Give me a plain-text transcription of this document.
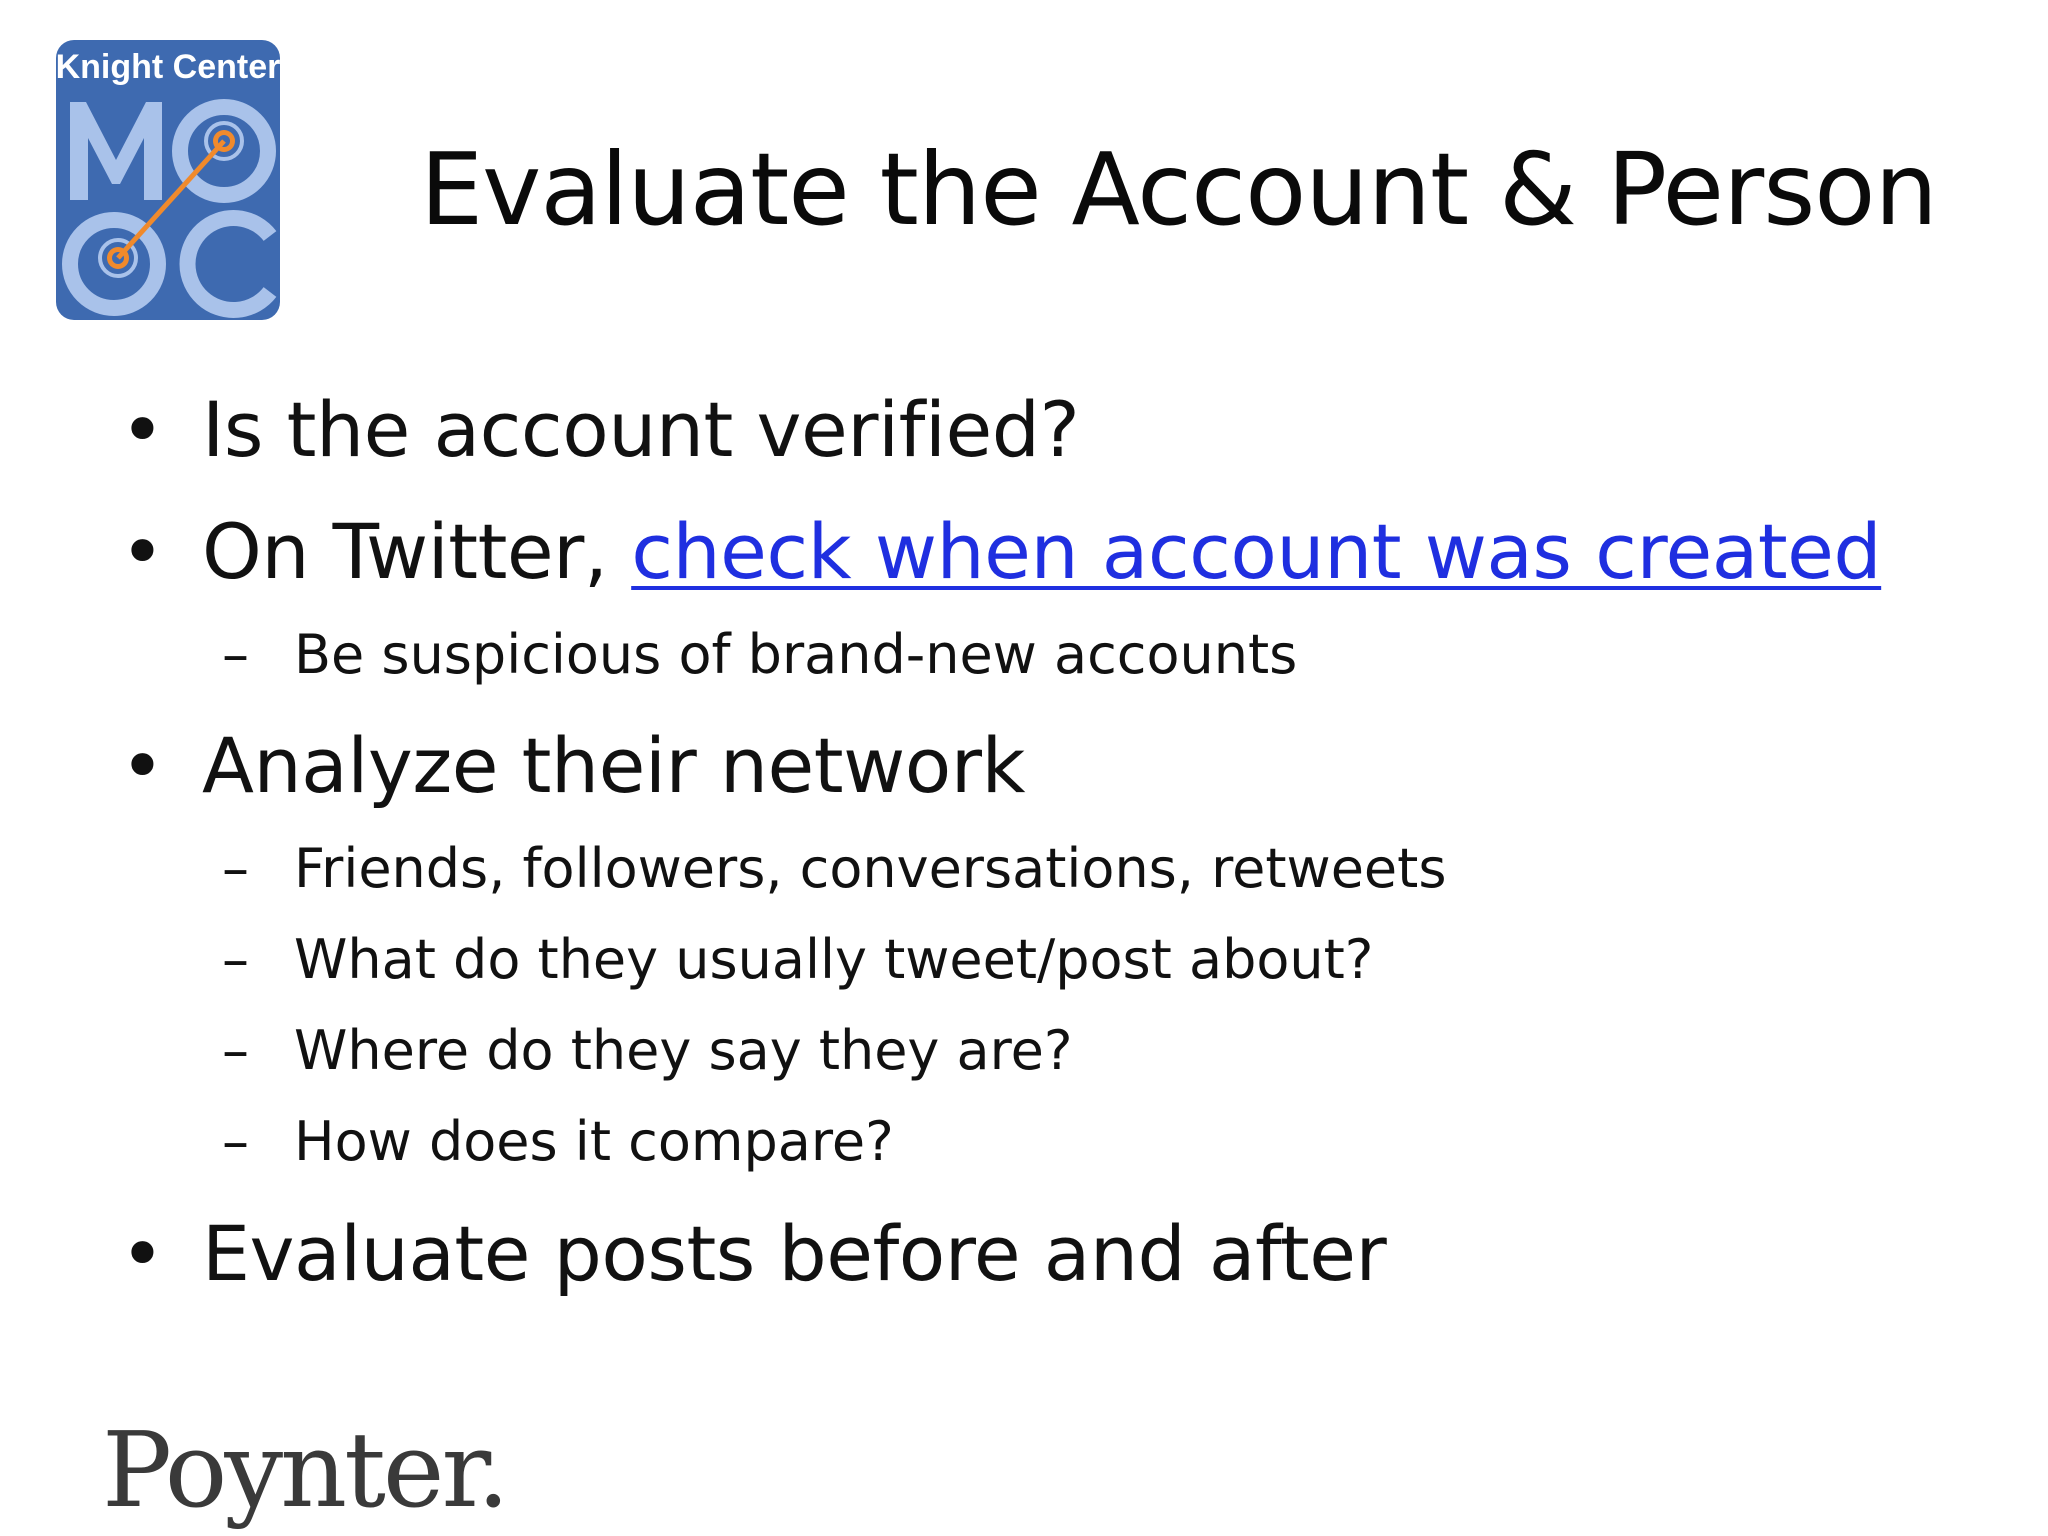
Knight Center
Evaluate the Account & Person
• Is the account verified?
• On Twitter, check when account was created
– Be suspicious of brand-new accounts
• Analyze their network
– Friends, followers, conversations, retweets
– What do they usually tweet/post about?
– Where do they say they are?
– How does it compare?
• Evaluate posts before and after
Poynter.
